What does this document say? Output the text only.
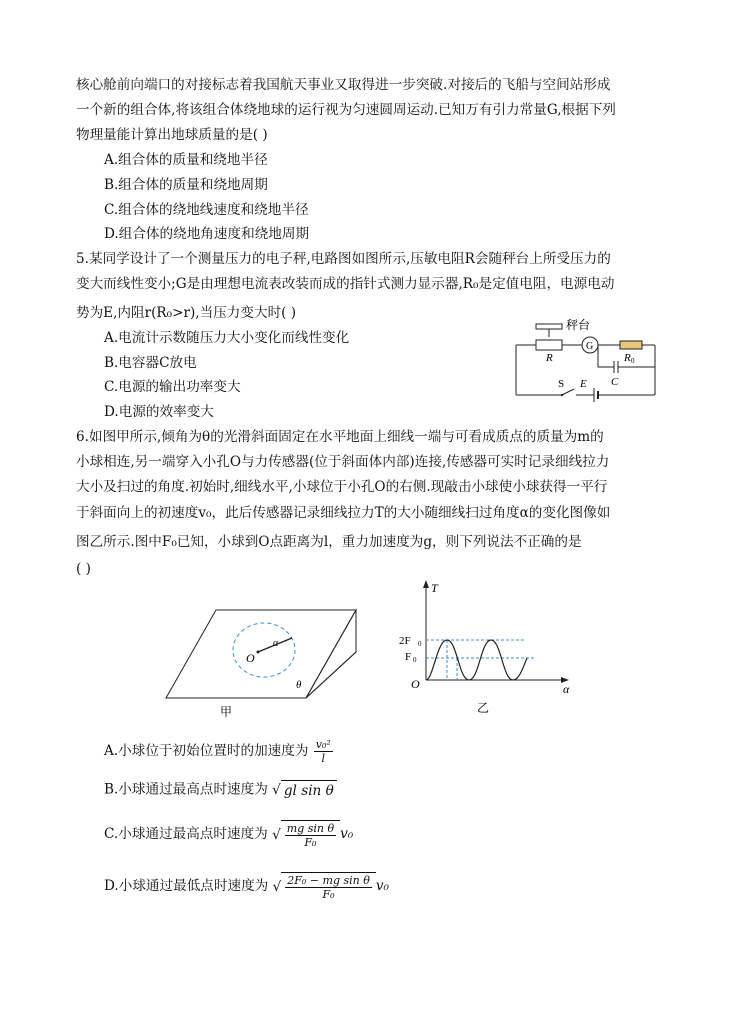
核心舱前向端口的对接标志着我国航天事业又取得进一步突破.对接后的飞船与空间站形成
一个新的组合体,将该组合体绕地球的运行视为匀速圆周运动.已知万有引力常量G,根据下列
物理量能计算出地球质量的是( )
A.组合体的质量和绕地半径
B.组合体的质量和绕地周期
C.组合体的绕地线速度和绕地半径
D.组合体的绕地角速度和绕地周期
5.某同学设计了一个测量压力的电子秤,电路图如图所示,压敏电阻R会随秤台上所受压力的
变大而线性变小;G是由理想电流表改装而成的指针式测力显示器,R₀是定值电阻，电源电动
势为E,内阻r(R₀>r),当压力变大时( )
A.电流计示数随压力大小变化而线性变化
B.电容器C放电
C.电源的输出功率变大
D.电源的效率变大
秤台
G
R	R 0
C
S E
6.如图甲所示,倾角为θ的光滑斜面固定在水平地面上细线一端与可看成质点的质量为m的
小球相连,另一端穿入小孔O与力传感器(位于斜面体内部)连接,传感器可实时记录细线拉力
大小及扫过的角度.初始时,细线水平,小球位于小孔O的右侧.现敲击小球使小球获得一平行
于斜面向上的初速度v₀，此后传感器记录细线拉力T的大小随细线扫过角度α的变化图像如
图乙所示.图中F₀已知，小球到O点距离为l，重力加速度为g，则下列说法不正确的是
( )
O
α
θ
甲
T
α
O
2F 0
F 0
乙
A.小球位于初始位置时的加速度为 $\frac{\text{v₀²}}{l}$
B.小球通过最高点时速度为 √ gl sin θ
C.小球通过最高点时速度为 √ $\frac{\text{mg sin θ}}{\text{F₀}} v_0$
D.小球通过最低点时速度为 √ $\frac{\text{2F₀ − mg sin θ}}{\text{F₀}} v_0$
